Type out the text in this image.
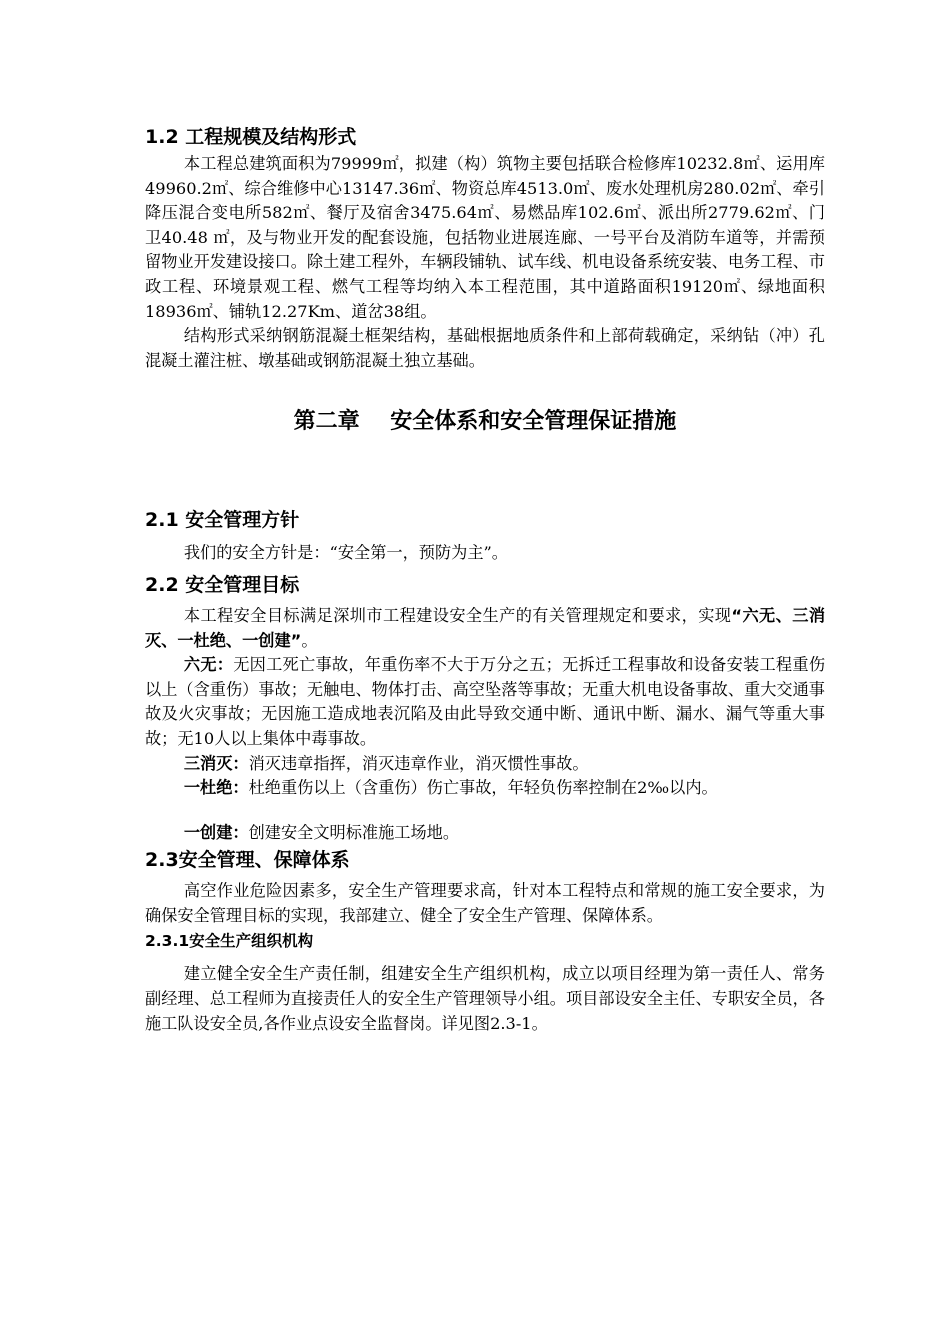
1.2 工程规模及结构形式

本工程总建筑面积为79999㎡，拟建（构）筑物主要包括联合检修库10232.8㎡、运用库49960.2㎡、综合维修中心13147.36㎡、物资总库4513.0㎡、废水处理机房280.02㎡、牵引降压混合变电所582㎡、餐厅及宿舍3475.64㎡、易燃品库102.6㎡、派出所2779.62㎡、门卫40.48 ㎡，及与物业开发的配套设施，包括物业进展连廊、一号平台及消防车道等，并需预留物业开发建设接口。除土建工程外，车辆段铺轨、试车线、机电设备系统安装、电务工程、市政工程、环境景观工程、燃气工程等均纳入本工程范围，其中道路面积19120㎡、绿地面积18936㎡、铺轨12.27Km、道岔38组。

结构形式采纳钢筋混凝土框架结构，基础根据地质条件和上部荷载确定，采纳钻（冲）孔混凝土灌注桩、墩基础或钢筋混凝土独立基础。

第二章    安全体系和安全管理保证措施
2.1 安全管理方针

我们的安全方针是：“安全第一，预防为主”。

2.2 安全管理目标

本工程安全目标满足深圳市工程建设安全生产的有关管理规定和要求，实现“六无、三消灭、一杜绝、一创建”。

六无：无因工死亡事故，年重伤率不大于万分之五；无拆迁工程事故和设备安装工程重伤以上（含重伤）事故；无触电、物体打击、高空坠落等事故；无重大机电设备事故、重大交通事故及火灾事故；无因施工造成地表沉陷及由此导致交通中断、通讯中断、漏水、漏气等重大事故；无10人以上集体中毒事故。

三消灭：消灭违章指挥，消灭违章作业，消灭惯性事故。

一杜绝：杜绝重伤以上（含重伤）伤亡事故，年轻负伤率控制在2‰以内。

一创建：创建安全文明标准施工场地。

2.3安全管理、保障体系

高空作业危险因素多，安全生产管理要求高，针对本工程特点和常规的施工安全要求，为确保安全管理目标的实现，我部建立、健全了安全生产管理、保障体系。

2.3.1安全生产组织机构

建立健全安全生产责任制，组建安全生产组织机构，成立以项目经理为第一责任人、常务副经理、总工程师为直接责任人的安全生产管理领导小组。项目部设安全主任、专职安全员，各施工队设安全员,各作业点设安全监督岗。详见图2.3-1。
